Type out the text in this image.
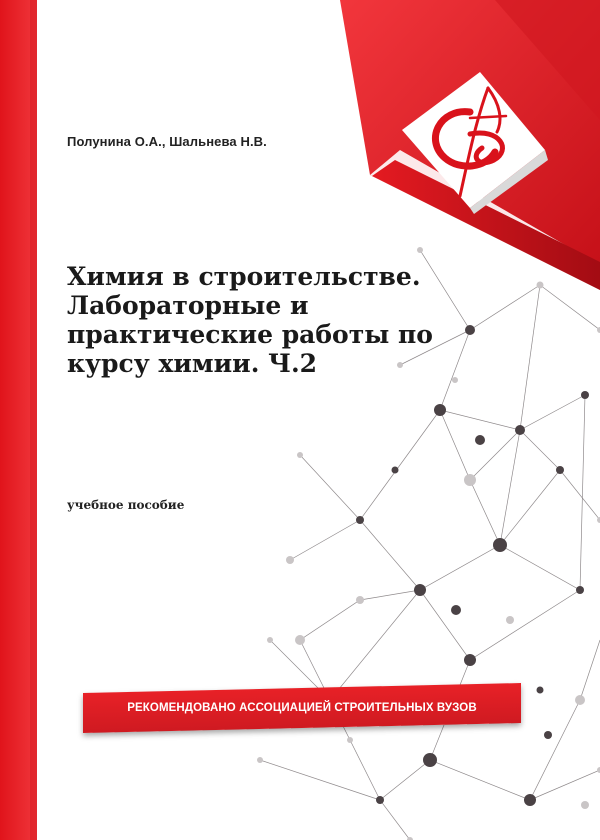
Полунина О.А., Шальнева Н.В.
Химия в строительстве.
Лабораторные и
практические работы по
курсу химии. Ч.2
учебное пособие
РЕКОМЕНДОВАНО АССОЦИАЦИЕЙ СТРОИТЕЛЬНЫХ ВУЗОВ
